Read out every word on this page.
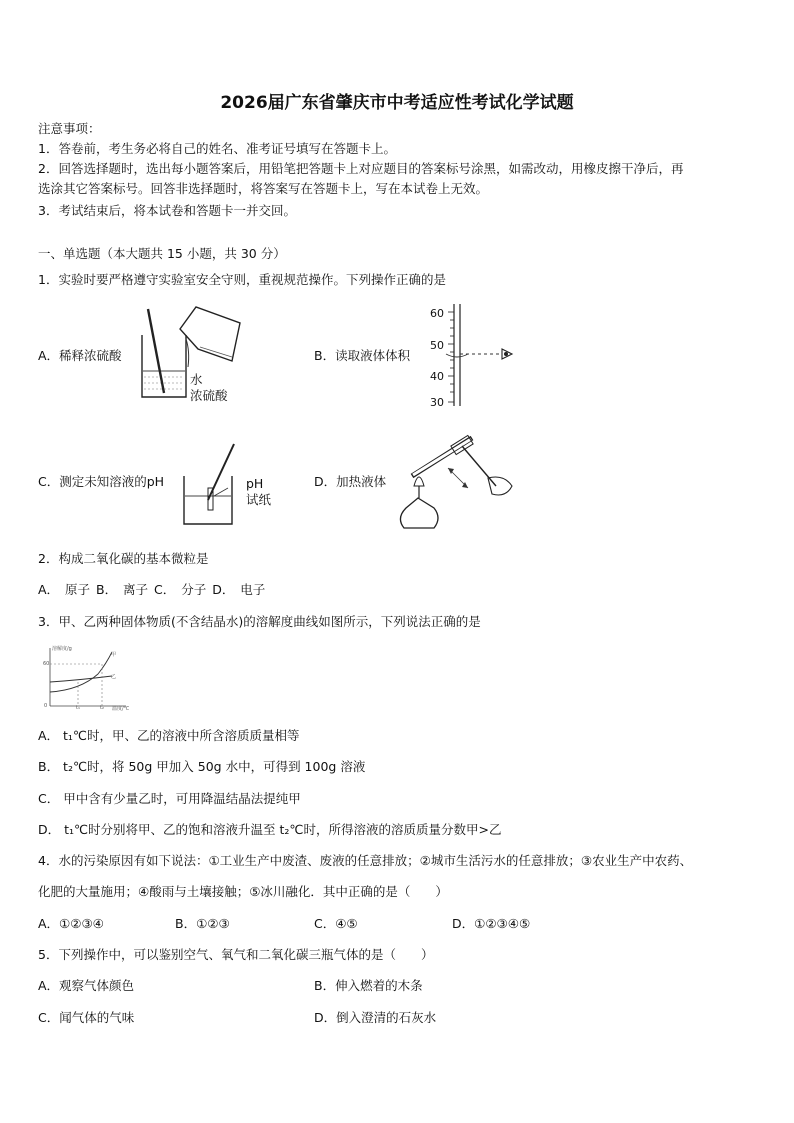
2026届广东省肇庆市中考适应性考试化学试题
注意事项：
1．答卷前，考生务必将自己的姓名、准考证号填写在答题卡上。
2．回答选择题时，选出每小题答案后，用铅笔把答题卡上对应题目的答案标号涂黑，如需改动，用橡皮擦干净后，再
选涂其它答案标号。回答非选择题时，将答案写在答题卡上，写在本试卷上无效。
3．考试结束后，将本试卷和答题卡一并交回。
一、单选题（本大题共 15 小题，共 30 分）
1．实验时要严格遵守实验室安全守则，重视规范操作。下列操作正确的是
A．稀释浓硫酸	B．读取液体体积
C．测定未知溶液的pH	D．加热液体
水
浓硫酸
60
50
40
30
pH
试纸
2．构成二氧化碳的基本微粒是
A． 原子 B． 离子 C． 分子 D． 电子
3．甲、乙两种固体物质(不含结晶水)的溶解度曲线如图所示，下列说法正确的是
溶解度/g
60
甲
乙
0	t₁	t₂ 温度/℃
A． t₁℃时，甲、乙的溶液中所含溶质质量相等
B． t₂℃时，将 50g 甲加入 50g 水中，可得到 100g 溶液
C． 甲中含有少量乙时，可用降温结晶法提纯甲
D． t₁℃时分别将甲、乙的饱和溶液升温至 t₂℃时，所得溶液的溶质质量分数甲>乙
4．水的污染原因有如下说法：①工业生产中废渣、废液的任意排放；②城市生活污水的任意排放；③农业生产中农药、
化肥的大量施用；④酸雨与土壤接触；⑤冰川融化．其中正确的是（　　）
A．①②③④	B．①②③	C．④⑤	D．①②③④⑤
5．下列操作中，可以鉴别空气、氧气和二氧化碳三瓶气体的是（　　）
A．观察气体颜色	B．伸入燃着的木条
C．闻气体的气味	D．倒入澄清的石灰水
